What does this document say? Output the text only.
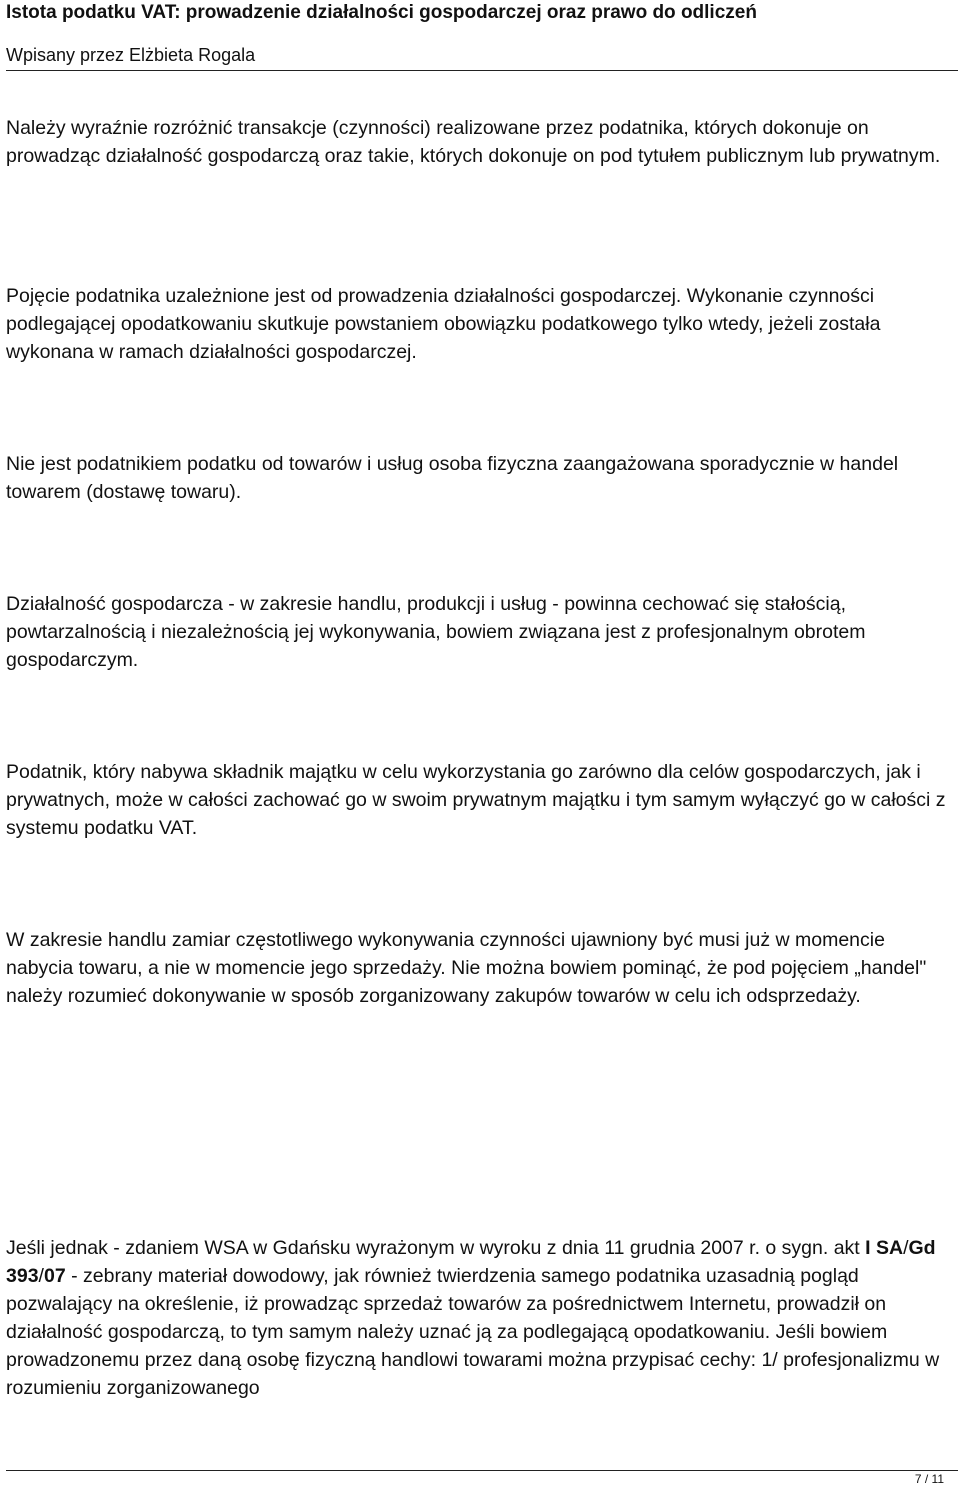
Istota podatku VAT: prowadzenie działalności gospodarczej oraz prawo do odliczeń
Wpisany przez Elżbieta Rogala

Należy wyraźnie rozróżnić transakcje (czynności) realizowane przez podatnika, których dokonuje on prowadząc działalność gospodarczą oraz takie, których dokonuje on pod tytułem publicznym lub prywatnym.

Pojęcie podatnika uzależnione jest od prowadzenia działalności gospodarczej. Wykonanie czynności podlegającej opodatkowaniu skutkuje powstaniem obowiązku podatkowego tylko wtedy, jeżeli została wykonana w ramach działalności gospodarczej.

Nie jest podatnikiem podatku od towarów i usług osoba fizyczna zaangażowana sporadycznie w handel towarem (dostawę towaru).

Działalność gospodarcza - w zakresie handlu, produkcji i usług - powinna cechować się stałością, powtarzalnością i niezależnością jej wykonywania, bowiem związana jest z profesjonalnym obrotem gospodarczym.

Podatnik, który nabywa składnik majątku w celu wykorzystania go zarówno dla celów gospodarczych, jak i prywatnych, może w całości zachować go w swoim prywatnym majątku i tym samym wyłączyć go w całości z systemu podatku VAT.

W zakresie handlu zamiar częstotliwego wykonywania czynności ujawniony być musi już w momencie nabycia towaru, a nie w momencie jego sprzedaży. Nie można bowiem pominąć, że pod pojęciem „handel" należy rozumieć dokonywanie w sposób zorganizowany zakupów towarów w celu ich odsprzedaży.

Jeśli jednak - zdaniem WSA w Gdańsku wyrażonym w wyroku z dnia 11 grudnia 2007 r. o sygn. akt I SA/Gd 393/07 - zebrany materiał dowodowy, jak również twierdzenia samego podatnika uzasadnią pogląd pozwalający na określenie, iż prowadząc sprzedaż towarów za pośrednictwem Internetu, prowadził on działalność gospodarczą, to tym samym należy uznać ją za podlegającą opodatkowaniu. Jeśli bowiem prowadzonemu przez daną osobę fizyczną handlowi towarami można przypisać cechy: 1/ profesjonalizmu w rozumieniu zorganizowanego

7 / 11
